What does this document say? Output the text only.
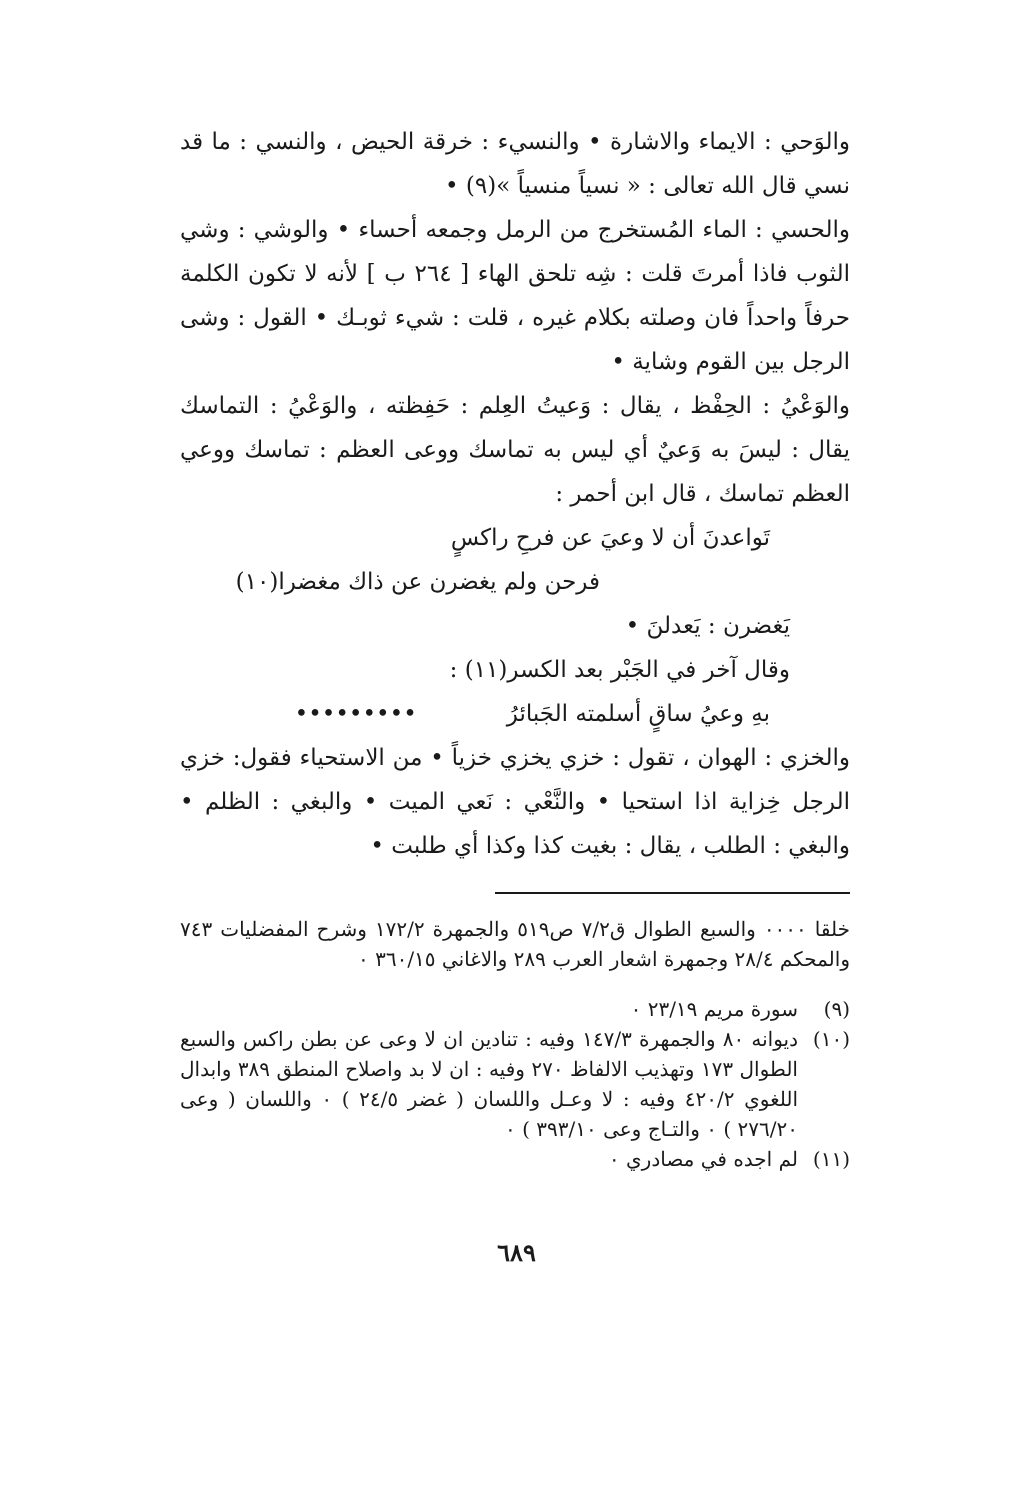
والوَحي : الايماء والاشارة • والنسيء : خرقة الحيض ، والنسي : ما قد نسي قال الله تعالى : « نسياً منسياً »(٩) •

والحسي : الماء المُستخرج من الرمل وجمعه أحساء • والوشي : وشي الثوب فاذا أمرتَ قلت : شِه تلحق الهاء [ ٢٦٤ ب ] لأنه لا تكون الكلمة حرفاً واحداً فان وصلته بكلام غيره ، قلت : شيء ثوبـك • القول : وشى الرجل بين القوم وشاية •

والوَعْيُ : الحِفْظ ، يقال : وَعيتُ العِلم : حَفِظته ، والوَعْيُ : التماسك يقال : ليسَ به وَعيٌ أي ليس به تماسك ووعى العظم : تماسك ووعي العظم تماسك ، قال ابن أحمر :

تَواعدنَ أن لا وعيَ عن فرحِ راكسٍ

فرحن ولم يغضرن عن ذاك مغضرا(١٠)

يَغضرن : يَعدلنَ •

وقال آخر في الجَبْر بعد الكسر(١١) :

بهِ وعيُ ساقٍ أسلمته الجَبائرُ
•••••••••

والخزي : الهوان ، تقول : خزي يخزي خزياً • من الاستحياء فقول: خزي الرجل خِزاية اذا استحيا • والنَّعْي : نَعي الميت • والبغي : الظلم • والبغي : الطلب ، يقال : بغيت كذا وكذا أي طلبت •

خلقا ٠٠٠٠ والسبع الطوال ق٧/٢ ص٥١٩ والجمهرة ١٧٢/٢ وشرح المفضليات ٧٤٣ والمحكم ٢٨/٤ وجمهرة اشعار العرب ٢٨٩ والاغاني ٣٦٠/١٥ ٠

(٩)
سورة مريم ٢٣/١٩ ٠
(١٠)
ديوانه ٨٠ والجمهرة ١٤٧/٣ وفيه : تنادين ان لا وعى عن بطن راكس والسبع الطوال ١٧٣ وتهذيب الالفاظ ٢٧٠ وفيه : ان لا بد واصلاح المنطق ٣٨٩ وابدال اللغوي ٤٢٠/٢ وفيه : لا وعـل واللسان ( غضر ٢٤/٥ ) ٠ واللسان ( وعى ٢٧٦/٢٠ ) ٠ والتـاج وعى ٣٩٣/١٠ ) ٠
(١١)
لم اجده في مصادري ٠
٦٨٩
